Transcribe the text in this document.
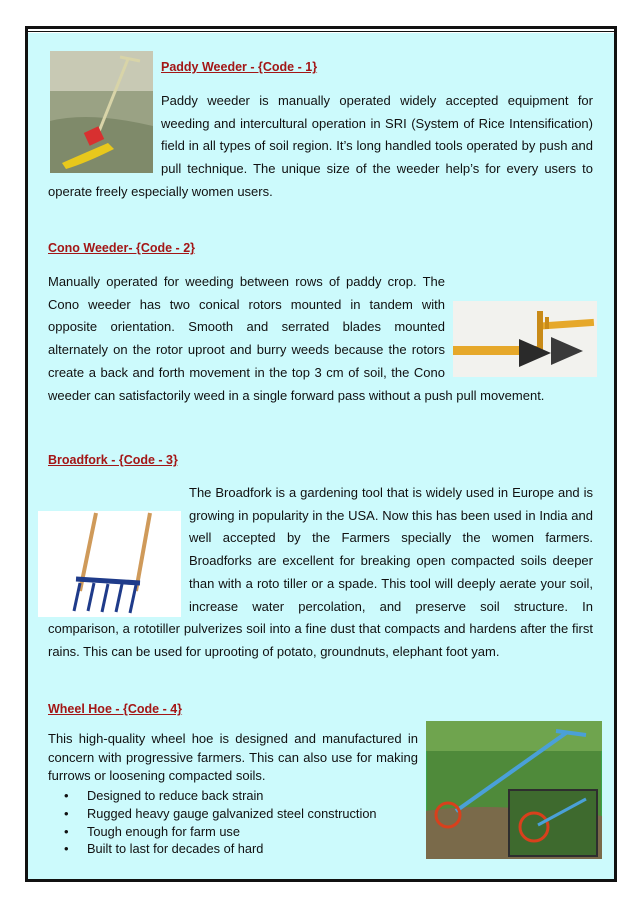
Paddy Weeder - {Code - 1}

Paddy weeder is manually operated widely accepted equipment for weeding and intercultural operation in SRI (System of Rice Intensification) field in all types of soil region. It’s long handled tools operated by push and pull technique. The unique size of the weeder help’s for every users to operate freely especially women users.

Cono Weeder- {Code - 2}

Manually operated for weeding between rows of paddy crop. The Cono weeder has two conical rotors mounted in tandem with opposite orientation. Smooth and serrated blades mounted alternately on the rotor uproot and burry weeds because the rotors create a back and forth movement in the top 3 cm of soil, the Cono weeder can satisfactorily weed in a single forward pass without a push pull movement.

Broadfork - {Code - 3}

The Broadfork is a gardening tool that is widely used in Europe and is growing in popularity in the USA. Now this has been used in India and well accepted by the Farmers specially the women farmers. Broadforks are excellent for breaking open compacted soils deeper than with a roto tiller or a spade. This tool will deeply aerate your soil, increase water percolation, and preserve soil structure. In comparison, a rototiller pulverizes soil into a fine dust that compacts and hardens after the first rains. This can be used for uprooting of potato, groundnuts, elephant foot yam.

Wheel Hoe - {Code - 4}

This high-quality wheel hoe is designed and manufactured in concern with progressive farmers. This can also use for making furrows or loosening compacted soils.

• Designed to reduce back strain
• Rugged heavy gauge galvanized steel construction
• Tough enough for farm use
• Built to last for decades of hard
